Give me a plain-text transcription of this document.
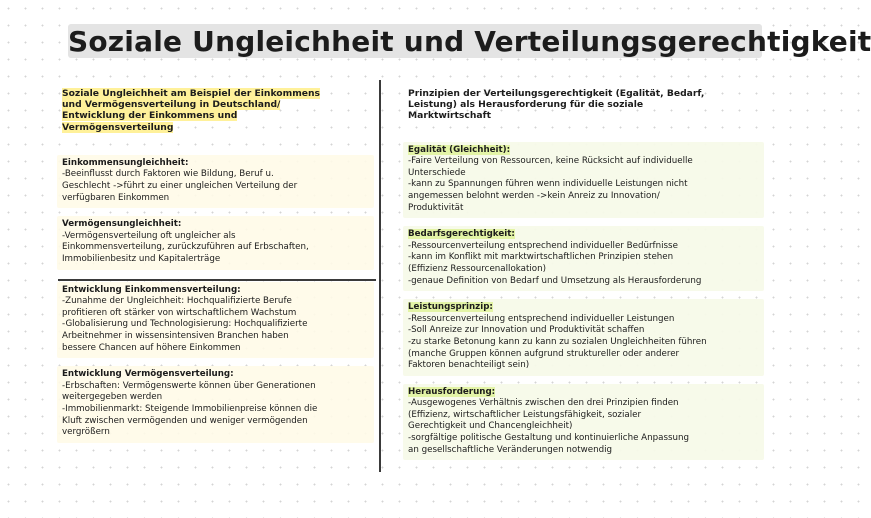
Soziale Ungleichheit und Verteilungsgerechtigkeit
Soziale Ungleichheit am Beispiel der Einkommens
und Vermögensverteilung in Deutschland/
Entwicklung der Einkommens und
Vermögensverteilung
Einkommensungleichheit:
-Beeinflusst durch Faktoren wie Bildung, Beruf u.
Geschlecht ->führt zu einer ungleichen Verteilung der
verfügbaren Einkommen
Vermögensungleichheit:
-Vermögensverteilung oft ungleicher als
Einkommensverteilung, zurückzuführen auf Erbschaften,
Immobilienbesitz und Kapitalerträge
Entwicklung Einkommensverteilung:
-Zunahme der Ungleichheit: Hochqualifizierte Berufe
profitieren oft stärker von wirtschaftlichem Wachstum
-Globalisierung und Technologisierung: Hochqualifizierte
Arbeitnehmer in wissensintensiven Branchen haben
bessere Chancen auf höhere Einkommen
Entwicklung Vermögensverteilung:
-Erbschaften: Vermögenswerte können über Generationen
weitergegeben werden
-Immobilienmarkt: Steigende Immobilienpreise können die
Kluft zwischen vermögenden und weniger vermögenden
vergrößern
Prinzipien der Verteilungsgerechtigkeit (Egalität, Bedarf,
Leistung) als Herausforderung für die soziale
Marktwirtschaft
Egalität (Gleichheit):
-Faire Verteilung von Ressourcen, keine Rücksicht auf individuelle
Unterschiede
-kann zu Spannungen führen wenn individuelle Leistungen nicht
angemessen belohnt werden ->kein Anreiz zu Innovation/
Produktivität
Bedarfsgerechtigkeit:
-Ressourcenverteilung entsprechend individueller Bedürfnisse
-kann im Konflikt mit marktwirtschaftlichen Prinzipien stehen
(Effizienz Ressourcenallokation)
-genaue Definition von Bedarf und Umsetzung als Herausforderung
Leistungsprinzip:
-Ressourcenverteilung entsprechend individueller Leistungen
-Soll Anreize zur Innovation und Produktivität schaffen
-zu starke Betonung kann zu kann zu sozialen Ungleichheiten führen
(manche Gruppen können aufgrund struktureller oder anderer
Faktoren benachteiligt sein)
Herausforderung:
-Ausgewogenes Verhältnis zwischen den drei Prinzipien finden
(Effizienz, wirtschaftlicher Leistungsfähigkeit, sozialer
Gerechtigkeit und Chancengleichheit)
-sorgfältige politische Gestaltung und kontinuierliche Anpassung
an gesellschaftliche Veränderungen notwendig
